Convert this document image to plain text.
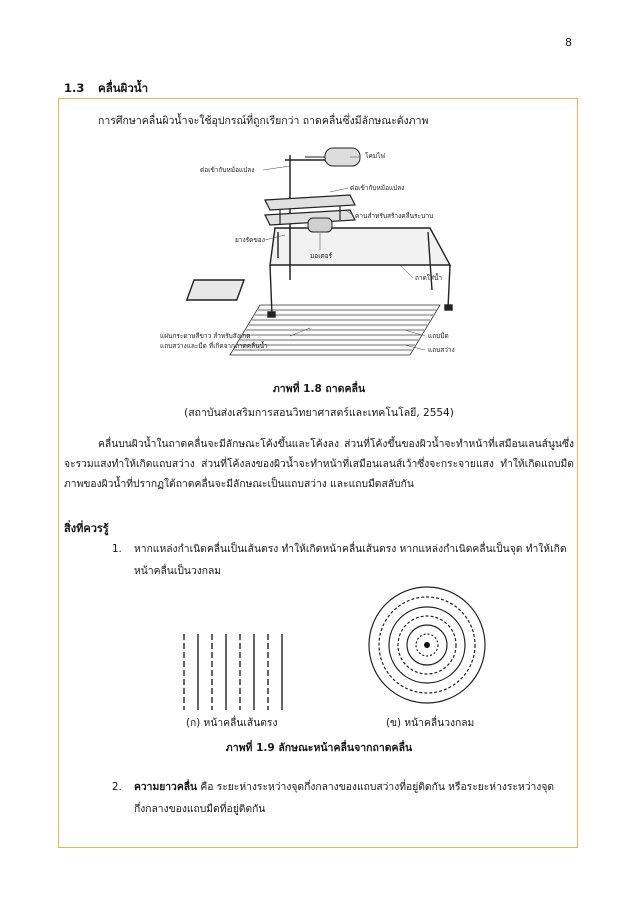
8
1.3 คลื่นผิวน้ำ
การศึกษาคลื่นผิวน้ำจะใช้อุปกรณ์ที่ถูกเรียกว่า ถาดคลื่นซึ่งมีลักษณะดังภาพ
ต่อเข้ากับหม้อแปลง
โคมไฟ
ต่อเข้ากับหม้อแปลง
คานสำหรับสร้างคลื่นระนาบ
ยางรัดของ
มอเตอร์
ถาดใส่น้ำ
แผ่นกระดาษสีขาว สำหรับสังเกต
แถบสว่างและมืด ที่เกิดจากถาดคลื่นน้ำ
แถบมืด
แถบสว่าง
ภาพที่ 1.8 ถาดคลื่น
(สถาบันส่งเสริมการสอนวิทยาศาสตร์และเทคโนโลยี, 2554)
คลื่นบนผิวน้ำในถาดคลื่นจะมีลักษณะโค้งขึ้นและโค้งลง ส่วนที่โค้งขึ้นของผิวน้ำจะทำหน้าที่เสมือนเลนส์นูนซึ่งจะรวมแสงทำให้เกิดแถบสว่าง ส่วนที่โค้งลงของผิวน้ำจะทำหน้าที่เสมือนเลนส์เว้าซึ่งจะกระจายแสง ทำให้เกิดแถบมืดภาพของผิวน้ำที่ปรากฏใต้ถาดคลื่นจะมีลักษณะเป็นแถบสว่าง และแถบมืดสลับกัน
สิ่งที่ควรรู้
1. หากแหล่งกำเนิดคลื่นเป็นเส้นตรง ทำให้เกิดหน้าคลื่นเส้นตรง หากแหล่งกำเนิดคลื่นเป็นจุด ทำให้เกิดหน้าคลื่นเป็นวงกลม
(ก) หน้าคลื่นเส้นตรง	(ข) หน้าคลื่นวงกลม
ภาพที่ 1.9 ลักษณะหน้าคลื่นจากถาดคลื่น
2. ความยาวคลื่น คือ ระยะห่างระหว่างจุดกึ่งกลางของแถบสว่างที่อยู่ติดกัน หรือระยะห่างระหว่างจุดกึ่งกลางของแถบมืดที่อยู่ติดกัน
